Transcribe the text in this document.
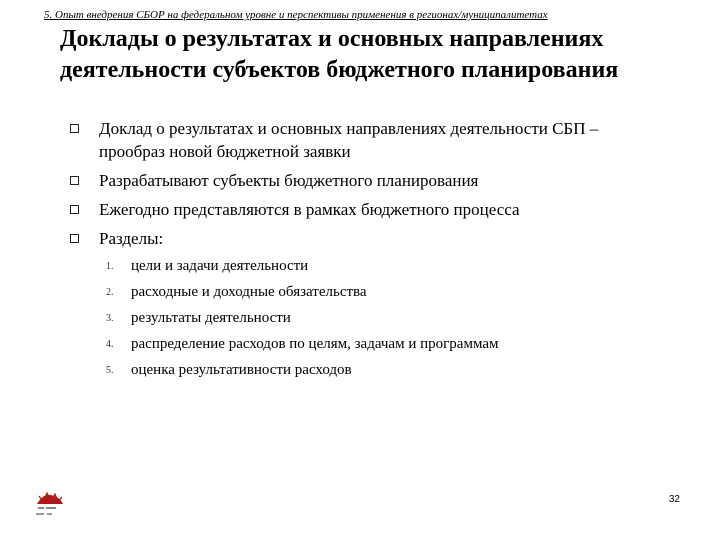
5. Опыт внедрения СБОР на федеральном уровне и перспективы применения в регионах/муниципалитетах
Доклады о результатах и основных направлениях
деятельности субъектов бюджетного планирования
Доклад о результатах и основных направлениях деятельности СБП – прообраз новой бюджетной заявки
Разрабатывают субъекты бюджетного планирования
Ежегодно представляются в рамках бюджетного процесса
Разделы:
1. цели и задачи деятельности
2. расходные и доходные обязательства
3. результаты деятельности
4. распределение расходов по целям, задачам и программам
5. оценка результативности расходов
32
